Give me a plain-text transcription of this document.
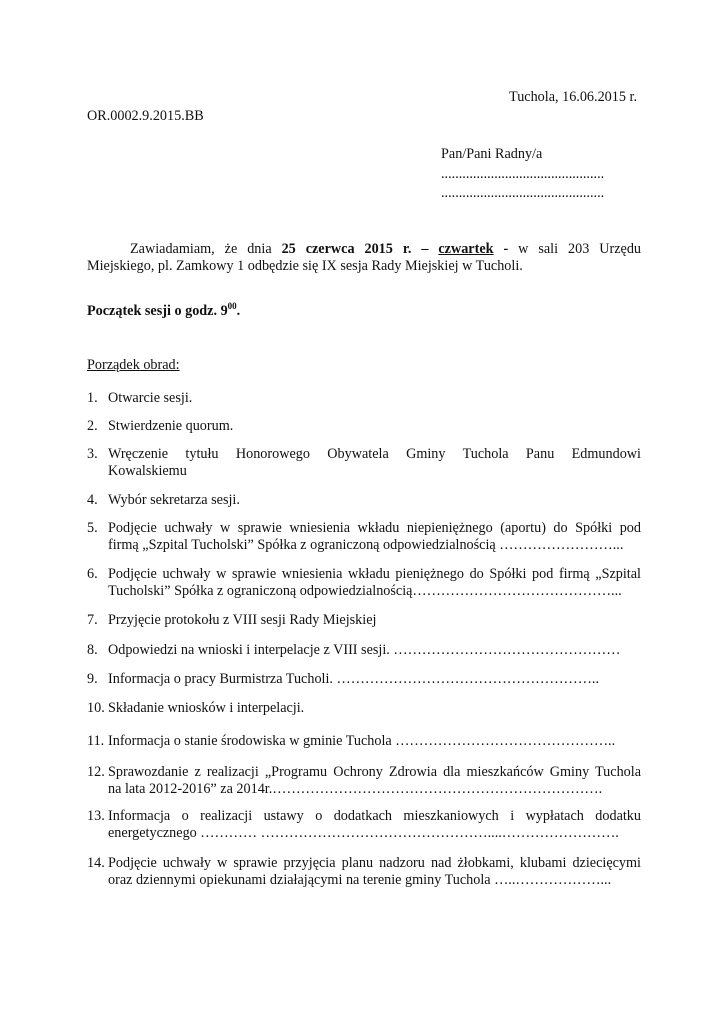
Tuchola, 16.06.2015 r.
OR.0002.9.2015.BB
Pan/Pani Radny/a
..............................................
..............................................
Zawiadamiam, że dnia 25 czerwca 2015 r. – czwartek - w sali 203 Urzędu
Miejskiego, pl. Zamkowy 1 odbędzie się IX sesja Rady Miejskiej w Tucholi.
Początek sesji o godz. $9^{00}$.
Porządek obrad:
1. Otwarcie sesji.
2. Stwierdzenie quorum.
3. Wręczenie tytułu Honorowego Obywatela Gminy Tuchola Panu Edmundowi
Kowalskiemu
4. Wybór sekretarza sesji.
5. Podjęcie uchwały w sprawie wniesienia wkładu niepieniężnego (aportu) do Spółki pod
firmą „Szpital Tucholski” Spółka z ograniczoną odpowiedzialnością ……………………...
6. Podjęcie uchwały w sprawie wniesienia wkładu pieniężnego do Spółki pod firmą „Szpital
Tucholski” Spółka z ograniczoną odpowiedzialnością……………………………………...
7. Przyjęcie protokołu z VIII sesji Rady Miejskiej
8. Odpowiedzi na wnioski i interpelacje z VIII sesji. …………………………………………
9. Informacja o pracy Burmistrza Tucholi. ………………………………………………..
10. Składanie wniosków i interpelacji.
11. Informacja o stanie środowiska w gminie Tuchola ………………………………………..
12. Sprawozdanie z realizacji „Programu Ochrony Zdrowia dla mieszkańców Gminy Tuchola
na lata 2012-2016” za 2014r.…………………………………………………………….
13. Informacja o realizacji ustawy o dodatkach mieszkaniowych i wypłatach dodatku
energetycznego ………… …………………………………………....…………………….
14. Podjęcie uchwały w sprawie przyjęcia planu nadzoru nad żłobkami, klubami dziecięcymi
oraz dziennymi opiekunami działającymi na terenie gminy Tuchola …..………………...
